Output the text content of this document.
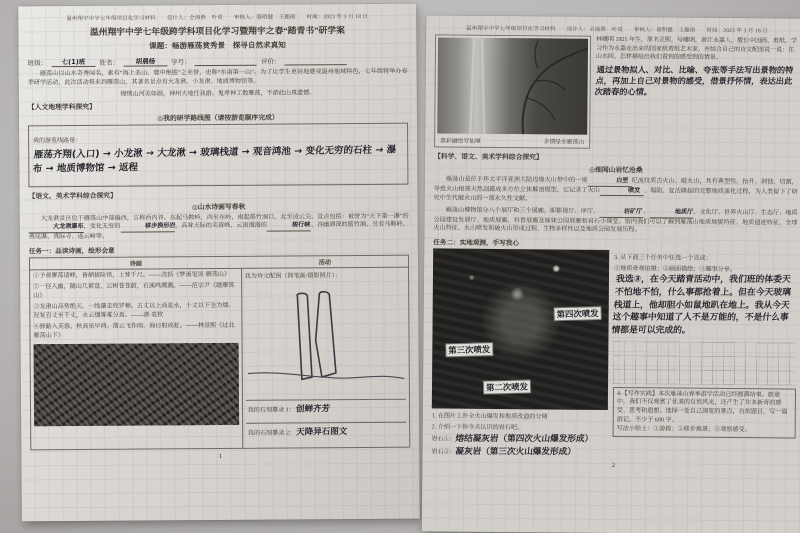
温州翔宇中学七年级项目化学习材料　　设计人：全海燕　叶双　　审核人：聂明健　王趣雨　　时间：2023 年 3 月 18 日
温州翔宇中学七年级跨学科项目化学习暨翔宇之春“踏青书”研学案
课题：畅游雁荡赏秀景　探寻自然求真知
班级：	七(1)班	姓名：	胡晨杨	学号：	评价：

雁荡山以山水奇秀闻名，素有“海上名山、寰中绝胜”之美誉，史称“东南第一山”。为了让学生更好地感受温州地域特色，七年级特举办春季研学活动，此次活动将来到雁荡山，其著名景点有大龙湫、小龙湫、地质博物馆等。

锦绣山河美如画，神州大地任我游。鬼斧神工数雁荡，不游此山真遗憾。
【人文地理学科探究】
◎我的研学路线图（请按游览顺序完成）
我的游览线路是： 雁荡齐翔(入口) → 小龙湫 → 大龙湫 → 玻璃栈道 → 观音鸿池 → 变化无穷的石柱 → 瀑布 → 地质博物馆 → 返程
【语文、美术学科综合探究】
◎山水诗画写春秋

大龙湫景区位于雁荡山中部偏西，古称西内谷。东起马鞍岭，西至东岭，南起筋竹洞口，北至凌云尖。景点包括：被誉为“天下第一瀑”的大龙湫瀑布，变化无穷的	移步换形岩，高耸天际的芙蓉峰、云雨漫漫的	梭行峡、谷幽潭深的筋竹涧。另有马鞍岭、燕尾瀑、真际寺、连云嶂等。

任务一：品读诗画，绘形会意
诗画	活动

①予观雁荡诸峰，皆峭拔险怪，上耸千尺。——沈括《梦溪笔谈·雁荡山》

②一径入幽，随山几萦盘，云树苍苍蔚，石溪鸣溅溅。——范宗尹《题雁荡山》

③龙湫山高势绝天，一线瀑走兜罗棉。五丈以上尚是水，十丈以下全为烟。况复百丈至千丈，水云烟雾难分焉。——清·袁枚

④驿路入芙蓉，秋高见早鸿。落云飞作雨，海日射成虹。——林景熙《过北雁荡山下》

我为诗文配图（简笔画/摄影照片）：
我的石刻摹录 1： 创蝉齐芳
我的石刻摹录 2： 天降异石图文
1
温州翔宇中学七年级项目化学习材料　　设计人：全海燕　叶双　　审核人：聂明健　王趣雨　　时间：2023 年 3 月 18 日
墨彩融绘写仙境	多情绿水雁荡山
林曦明 1925 年生，原名正熙，号曦明，浙江永嘉人，擅长中国画、剪纸。学习作为永嘉走出来的国家级剪纸艺术家，并结合自己的诗文配图说一说：在山水间，怎样描绘出我们看到的感受到的情景。 通过景物拟人、对比、比喻、夸张等手法写出景物的特点，再加上自己对景物的感受，借景抒怀情，表达出此次踏春的心情。
【科学、语文、美术学科综合探究】
◎细闻山岩忆沧桑

雁荡山是位于环太平洋亚洲大陆边缘火山带中的一座	白垩 纪流纹质古火山、破火山，具有典型性。抬升、剥蚀、切割，导致火山根部天然剖露成多方位立体解剖模型，它记录了火山	喷发 、塌陷、复活隆起的完整地质演化过程，为人类留下了研究中生代破火山的一部永久性文献。

雁荡山博物馆分八个展厅和三个展廊，即影视厅、序厅、	岩矿厅、	地质厅、文化厅、世界火山厅、生态厅、地质公园建设发展厅、地质展廊、科普展廊及姊妹公园展廊和岩石小课堂。馆内我们可以了解到雁荡山地质地貌特征、地质遗迹特征、全球火山特征、火山喷发和破火山形成过程、生物多样性以及地质公园发展历程。

任务二：实地观测，手写我心
第四次喷发
第三次喷发
第二次喷发
1. 在图片上补全火山爆发和地质改造的分期
2. 介绍一下你今天认识的岩石吧。
岩石①：熔结凝灰岩（第四次火山爆发形成）
岩石②：凝灰岩（第三次火山爆发形成）
3. 从下面三个任务中任选一个完成：
①地质奇观拍摄；②画面描绘；③趣事分享。
我选③，在今天踏青活动中，我们班的体委天不怕地不怕，什么事都抢着上。但在今天玻璃栈道上，他却胆小如鼠地趴在地上。我从今天这个趣事中知道了人不是万能的，不是什么事情都是可以完成的。

4.【写作实践】本次雁荡山春季游学活动已经圆满结束。旅途中，我们不仅观赏了优美的自然风光，还产生了许多新奇的感受、思考和遐想。选择一处自己浏览的景点，自拟题目，写一篇游记，不少于 600 字。

写法小贴士：①游踪；②移步换景；③观察感受。

2
